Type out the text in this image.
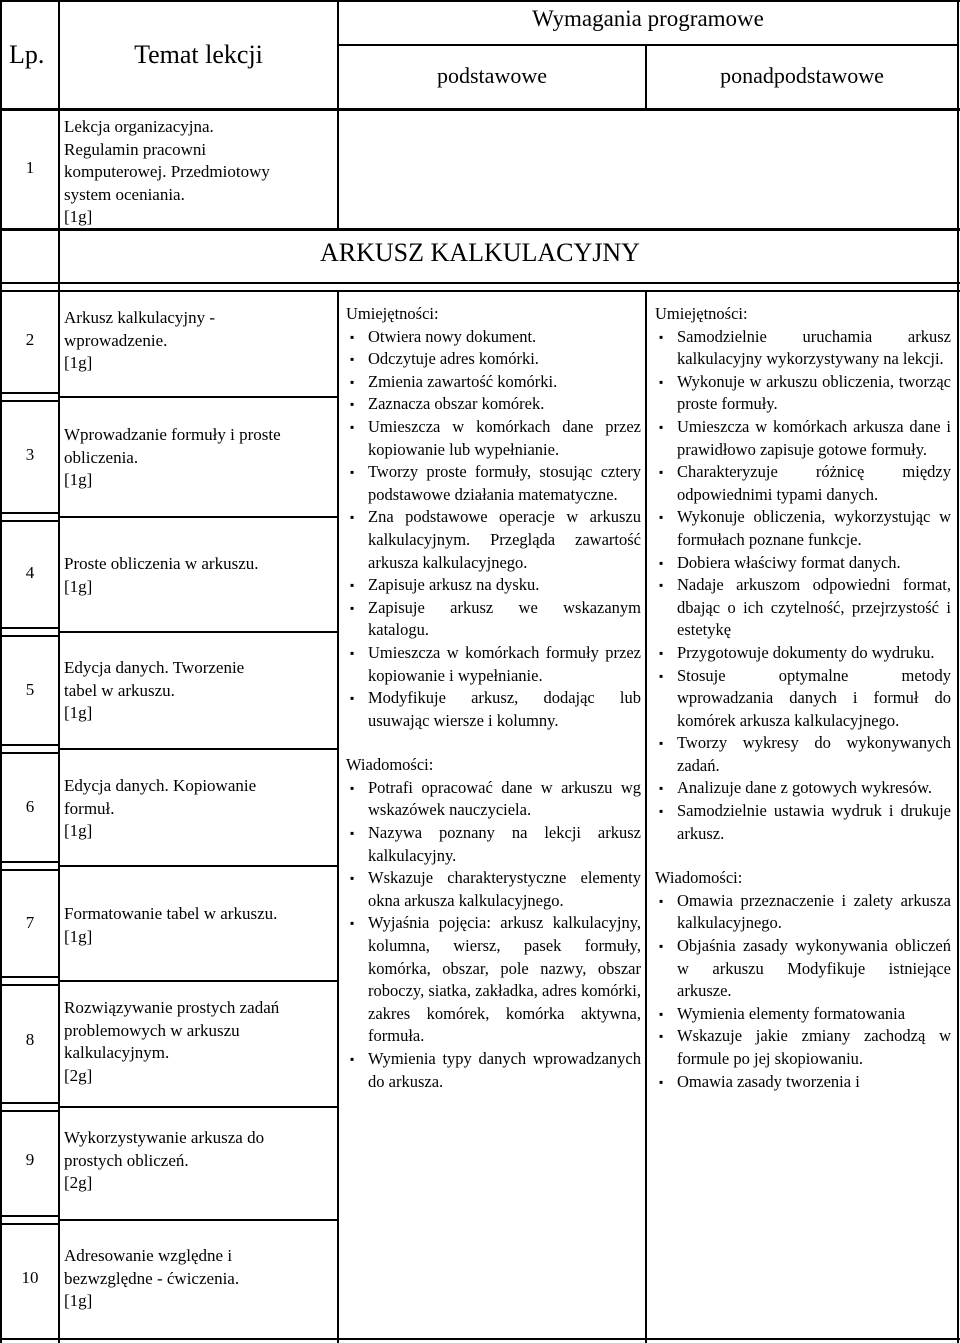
Lp.	Temat lekcji
Wymagania programowe
podstawowe	ponadpodstawowe
1
Lekcja organizacyjna.
Regulamin pracowni
komputerowej. Przedmiotowy
system oceniania.
[1g]
ARKUSZ KALKULACYJNY
2
3
4
5
6
7
8
9
10
Arkusz kalkulacyjny -
wprowadzenie.
[1g]
Wprowadzanie formuły i proste
obliczenia.
[1g]
Proste obliczenia w arkuszu.
[1g]
Edycja danych. Tworzenie
tabel w arkuszu.
[1g]
Edycja danych. Kopiowanie
formuł.
[1g]
Formatowanie tabel w arkuszu.
[1g]
Rozwiązywanie prostych zadań
problemowych w arkuszu
kalkulacyjnym.
[2g]
Wykorzystywanie arkusza do
prostych obliczeń.
[2g]
Adresowanie względne i
bezwzględne - ćwiczenia.
[1g]
Umiejętności:
▪ Otwiera nowy dokument.
▪ Odczytuje adres komórki.
▪ Zmienia zawartość komórki.
▪ Zaznacza obszar komórek.
▪ Umieszcza w komórkach dane przez kopiowanie lub wypełnianie.
▪ Tworzy proste formuły, stosując cztery podstawowe działania matematyczne.
▪ Zna podstawowe operacje w arkuszu kalkulacyjnym. Przegląda zawartość arkusza kalkulacyjnego.
▪ Zapisuje arkusz na dysku.
▪ Zapisuje arkusz we wskazanym katalogu.
▪ Umieszcza w komórkach formuły przez kopiowanie i wypełnianie.
▪ Modyfikuje arkusz, dodając lub usuwając wiersze i kolumny.
Wiadomości:
▪ Potrafi opracować dane w arkuszu wg wskazówek nauczyciela.
▪ Nazywa poznany na lekcji arkusz kalkulacyjny.
▪ Wskazuje charakterystyczne elementy okna arkusza kalkulacyjnego.
▪ Wyjaśnia pojęcia: arkusz kalkulacyjny, kolumna, wiersz, pasek formuły, komórka, obszar, pole nazwy, obszar roboczy, siatka, zakładka, adres komórki, zakres komórek, komórka aktywna, formuła.
▪ Wymienia typy danych wprowadzanych do arkusza.
Umiejętności:
▪ Samodzielnie uruchamia arkusz kalkulacyjny wykorzystywany na lekcji.
▪ Wykonuje w arkuszu obliczenia, tworząc proste formuły.
▪ Umieszcza w komórkach arkusza dane i prawidłowo zapisuje gotowe formuły.
▪ Charakteryzuje różnicę między odpowiednimi typami danych.
▪ Wykonuje obliczenia, wykorzystując w formułach poznane funkcje.
▪ Dobiera właściwy format danych.
▪ Nadaje arkuszom odpowiedni format, dbając o ich czytelność, przejrzystość i estetykę
▪ Przygotowuje dokumenty do wydruku.
▪ Stosuje optymalne metody wprowadzania danych i formuł do komórek arkusza kalkulacyjnego.
▪ Tworzy wykresy do wykonywanych zadań.
▪ Analizuje dane z gotowych wykresów.
▪ Samodzielnie ustawia wydruk i drukuje arkusz.
Wiadomości:
▪ Omawia przeznaczenie i zalety arkusza kalkulacyjnego.
▪ Objaśnia zasady wykonywania obliczeń w arkuszu Modyfikuje istniejące arkusze.
▪ Wymienia elementy formatowania
▪ Wskazuje jakie zmiany zachodzą w formule po jej skopiowaniu.
▪ Omawia zasady tworzenia i
